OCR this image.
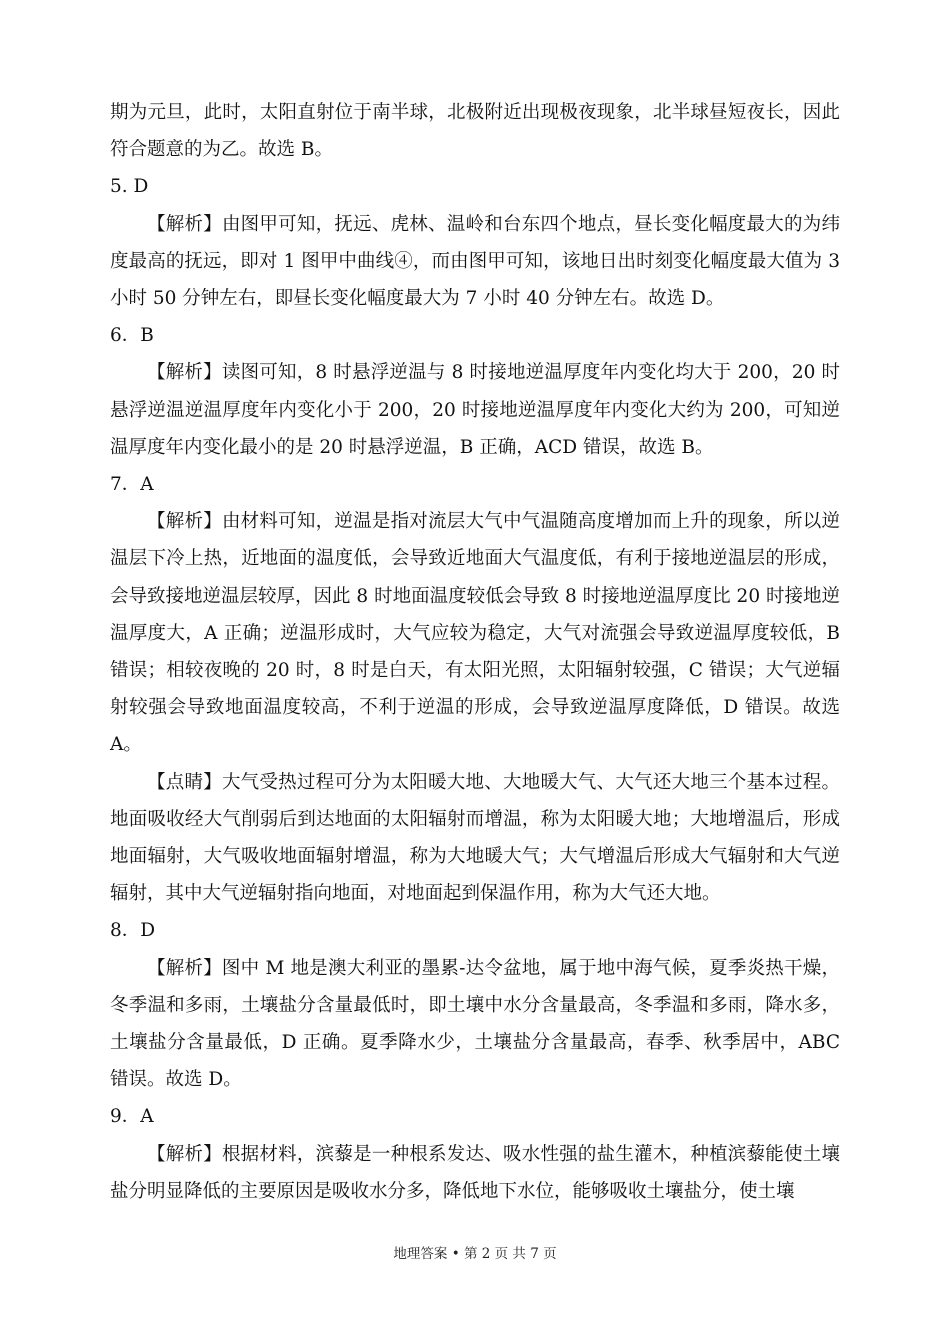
期为元旦，此时，太阳直射位于南半球，北极附近出现极夜现象，北半球昼短夜长，因此符合题意的为乙。故选 B。

5. D

【解析】由图甲可知，抚远、虎林、温岭和台东四个地点，昼长变化幅度最大的为纬度最高的抚远，即对 1 图甲中曲线④，而由图甲可知，该地日出时刻变化幅度最大值为 3 小时 50 分钟左右，即昼长变化幅度最大为 7 小时 40 分钟左右。故选 D。

6．B

【解析】读图可知，8 时悬浮逆温与 8 时接地逆温厚度年内变化均大于 200，20 时悬浮逆温逆温厚度年内变化小于 200，20 时接地逆温厚度年内变化大约为 200，可知逆温厚度年内变化最小的是 20 时悬浮逆温，B 正确，ACD 错误，故选 B。

7．A

【解析】由材料可知，逆温是指对流层大气中气温随高度增加而上升的现象，所以逆温层下冷上热，近地面的温度低，会导致近地面大气温度低，有利于接地逆温层的形成，会导致接地逆温层较厚，因此 8 时地面温度较低会导致 8 时接地逆温厚度比 20 时接地逆温厚度大，A 正确；逆温形成时，大气应较为稳定，大气对流强会导致逆温厚度较低，B 错误；相较夜晚的 20 时，8 时是白天，有太阳光照，太阳辐射较强，C 错误；大气逆辐射较强会导致地面温度较高，不利于逆温的形成，会导致逆温厚度降低，D 错误。故选 A。

【点睛】大气受热过程可分为太阳暖大地、大地暖大气、大气还大地三个基本过程。地面吸收经大气削弱后到达地面的太阳辐射而增温，称为太阳暖大地；大地增温后，形成地面辐射，大气吸收地面辐射增温，称为大地暖大气；大气增温后形成大气辐射和大气逆辐射，其中大气逆辐射指向地面，对地面起到保温作用，称为大气还大地。

8．D

【解析】图中 M 地是澳大利亚的墨累-达令盆地，属于地中海气候，夏季炎热干燥，冬季温和多雨，土壤盐分含量最低时，即土壤中水分含量最高，冬季温和多雨，降水多，土壤盐分含量最低，D 正确。夏季降水少，土壤盐分含量最高，春季、秋季居中，ABC 错误。故选 D。

9．A

【解析】根据材料，滨藜是一种根系发达、吸水性强的盐生灌木，种植滨藜能使土壤盐分明显降低的主要原因是吸收水分多，降低地下水位，能够吸收土壤盐分，使土壤

地理答案 • 第 2 页 共 7 页
